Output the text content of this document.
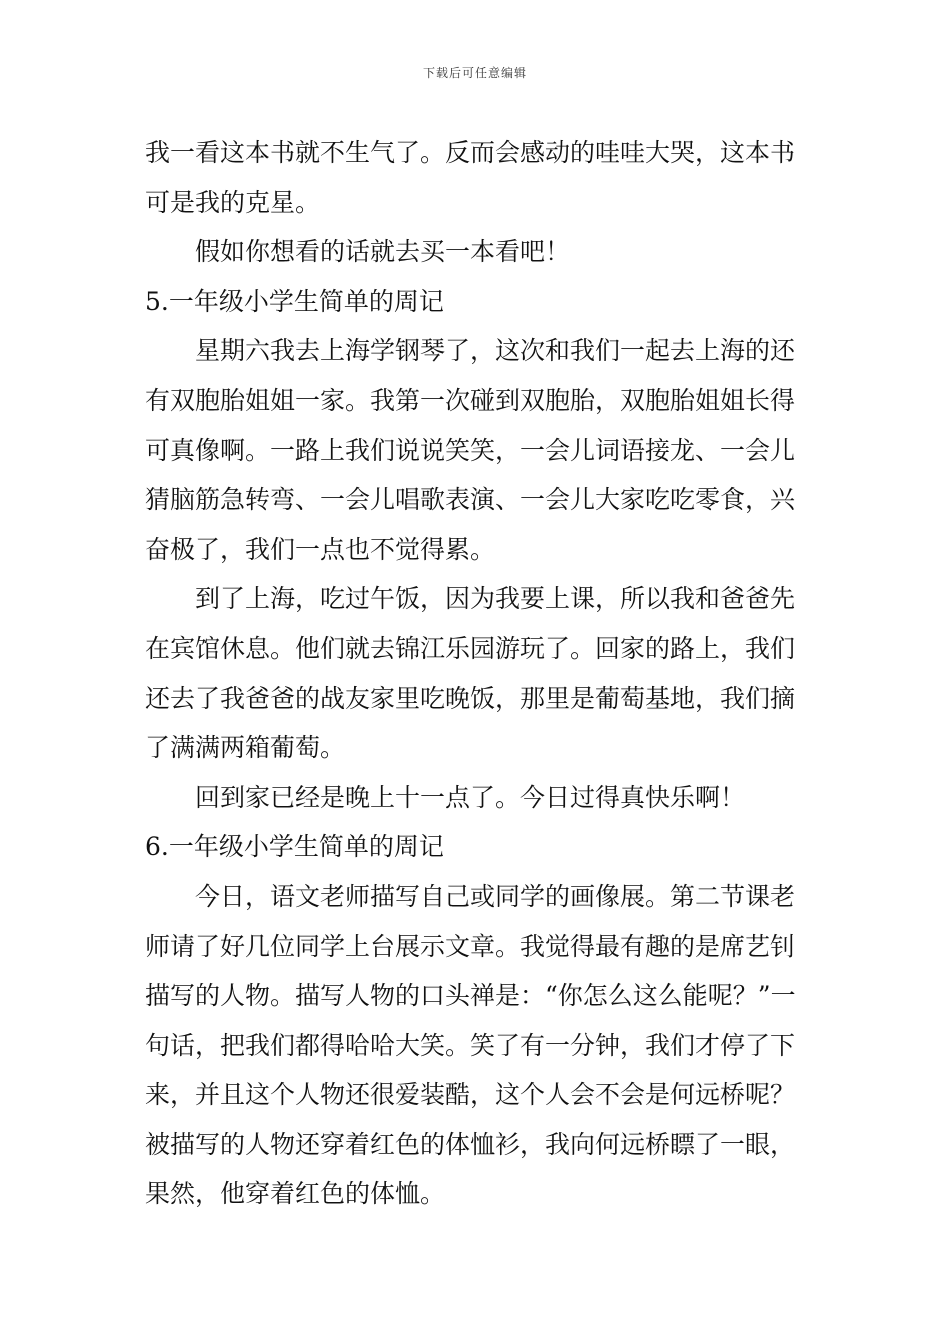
下载后可任意编辑

我一看这本书就不生气了。反而会感动的哇哇大哭，这本书可是我的克星。

假如你想看的话就去买一本看吧！

5.一年级小学生简单的周记

星期六我去上海学钢琴了，这次和我们一起去上海的还有双胞胎姐姐一家。我第一次碰到双胞胎，双胞胎姐姐长得可真像啊。一路上我们说说笑笑，一会儿词语接龙、一会儿猜脑筋急转弯、一会儿唱歌表演、一会儿大家吃吃零食，兴奋极了，我们一点也不觉得累。

到了上海，吃过午饭，因为我要上课，所以我和爸爸先在宾馆休息。他们就去锦江乐园游玩了。回家的路上，我们还去了我爸爸的战友家里吃晚饭，那里是葡萄基地，我们摘了满满两箱葡萄。

回到家已经是晚上十一点了。今日过得真快乐啊！

6.一年级小学生简单的周记

今日，语文老师描写自己或同学的画像展。第二节课老师请了好几位同学上台展示文章。我觉得最有趣的是席艺钊描写的人物。描写人物的口头禅是：“你怎么这么能呢？”一句话，把我们都得哈哈大笑。笑了有一分钟，我们才停了下来，并且这个人物还很爱装酷，这个人会不会是何远桥呢？被描写的人物还穿着红色的体恤衫，我向何远桥瞟了一眼，果然，他穿着红色的体恤。
